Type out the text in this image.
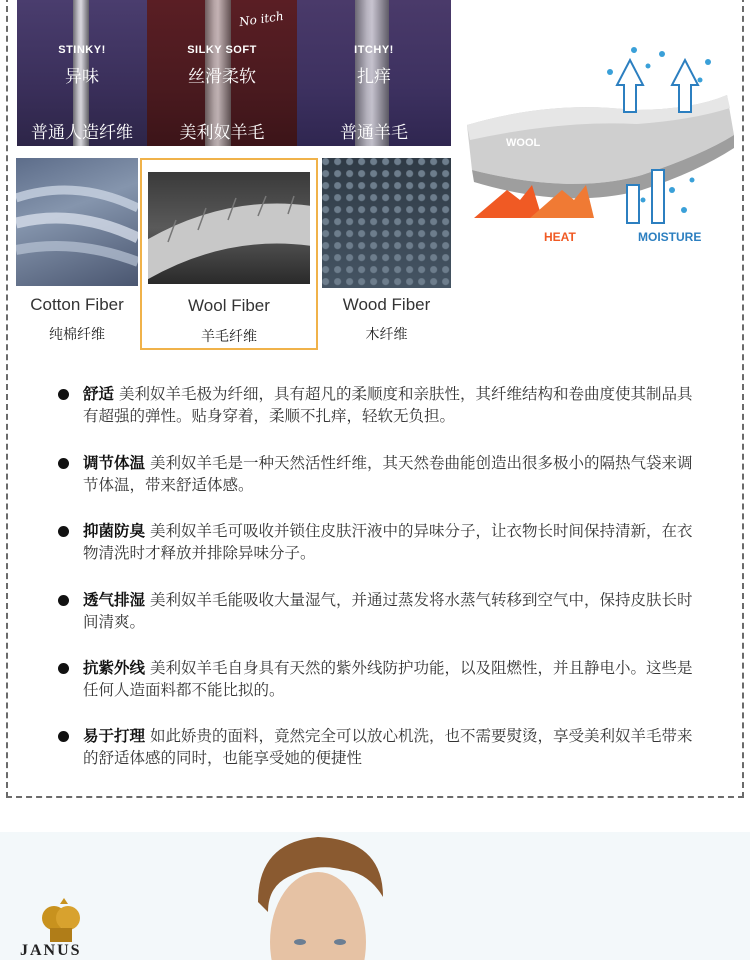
STINKY!
异味
普通人造纤维
No itch
SILKY SOFT
丝滑柔软
美利奴羊毛
ITCHY!
扎痒
普通羊毛
WOOL
HEAT	MOISTURE
Cotton Fiber
纯棉纤维
Wool Fiber
羊毛纤维
Wood Fiber
木纤维
舒适 美利奴羊毛极为纤细，具有超凡的柔顺度和亲肤性，其纤维结构和卷曲度使其制品具有超强的弹性。贴身穿着，柔顺不扎痒，轻软无负担。
调节体温 美利奴羊毛是一种天然活性纤维，其天然卷曲能创造出很多极小的隔热气袋来调节体温，带来舒适体感。
抑菌防臭 美利奴羊毛可吸收并锁住皮肤汗液中的异味分子，让衣物长时间保持清新，在衣物清洗时才释放并排除异味分子。
透气排湿 美利奴羊毛能吸收大量湿气，并通过蒸发将水蒸气转移到空气中，保持皮肤长时间清爽。
抗紫外线 美利奴羊毛自身具有天然的紫外线防护功能，以及阻燃性，并且静电小。这些是任何人造面料都不能比拟的。
易于打理 如此娇贵的面料，竟然完全可以放心机洗，也不需要熨烫，享受美利奴羊毛带来的舒适体感的同时，也能享受她的便捷性
JANUS
